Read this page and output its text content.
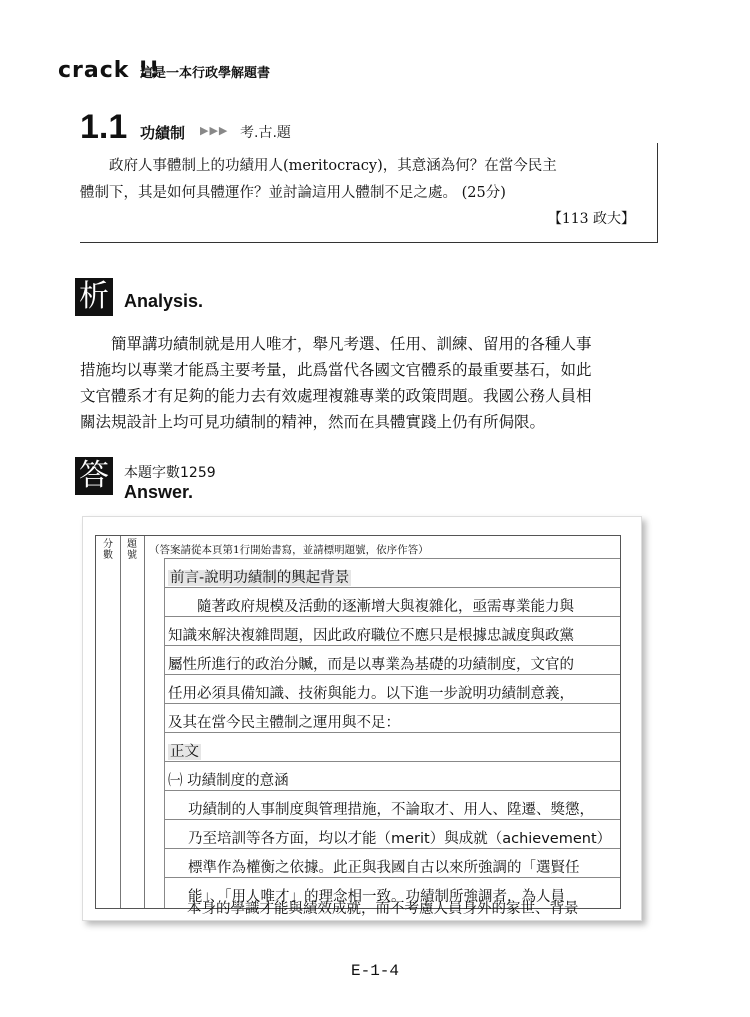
crack !!
這是一本行政學解題書
1.1 功績制 ▶▶▶ 考.古.題
　　政府人事體制上的功績用人(meritocracy)，其意涵為何？在當今民主
體制下，其是如何具體運作？並討論這用人體制不足之處。 (25分)
【113 政大】
析 Analysis.
　　簡單講功績制就是用人唯才，舉凡考選、任用、訓練、留用的各種人事
措施均以專業才能爲主要考量，此爲當代各國文官體系的最重要基石，如此
文官體系才有足夠的能力去有效處理複雜專業的政策問題。我國公務人員相
關法規設計上均可見功績制的精神，然而在具體實踐上仍有所侷限。
答 本題字數1259
Answer.
分
數
題
號	（答案請從本頁第1行開始書寫，並請標明題號，依序作答）
前言-說明功績制的興起背景
　　隨著政府規模及活動的逐漸增大與複雜化，亟需專業能力與
知識來解決複雜問題，因此政府職位不應只是根據忠誠度與政黨
屬性所進行的政治分贓，而是以專業為基礎的功績制度，文官的
任用必須具備知識、技術與能力。以下進一步說明功績制意義，
及其在當今民主體制之運用與不足：
正文
㈠ 功績制度的意涵
功績制的人事制度與管理措施，不論取才、用人、陞遷、獎懲，
乃至培訓等各方面，均以才能（merit）與成就（achievement）
標準作為權衡之依據。此正與我國自古以來所強調的「選賢任
能」、「用人唯才」的理念相一致。功績制所強調者，為人員
本身的學識才能與績效成就，而不考慮人員身外的家世、背景
E-1-4
